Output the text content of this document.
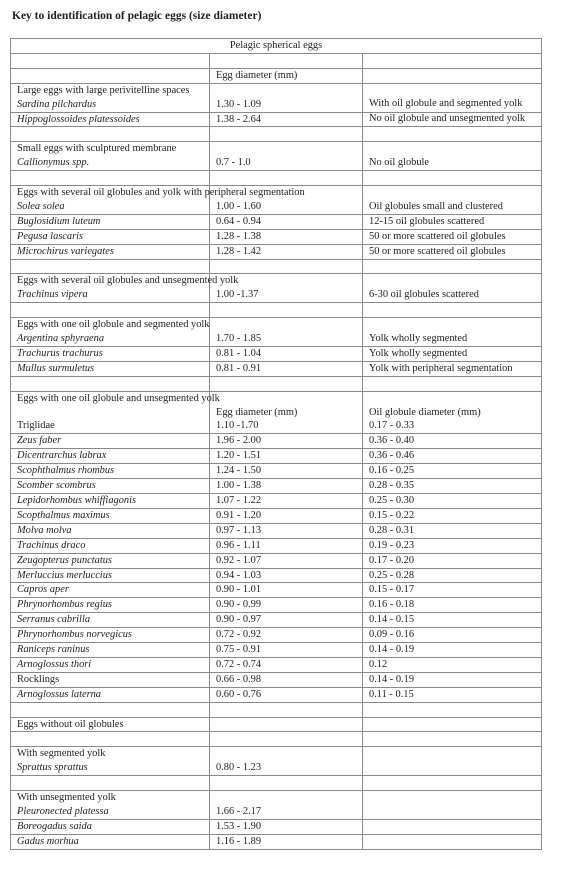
Key to identification of pelagic eggs (size diameter)
Pelagic spherical eggs		

	Egg diameter (mm)	
Large eggs with large perivitelline spaces		
Sardina pilchardus	1.30 - 1.09	With oil globule and segmented yolk
Hippoglossoides platessoides	1.38 - 2.64	No oil globule and unsegmented yolk

Small eggs with sculptured membrane		
Callionymus spp.	0.7 - 1.0	No oil globule

Eggs with several oil globules and yolk with peripheral segmentation		
Solea solea	1.00 - 1.60	Oil globules small and clustered
Buglosidium luteum	0.64 - 0.94	12-15 oil globules scattered
Pegusa lascaris	1.28 - 1.38	50 or more scattered oil globules
Microchirus variegates	1.28 - 1.42	50 or more scattered oil globules

Eggs with several oil globules and unsegmented yolk		
Trachinus vipera	1.00 -1.37	6-30 oil globules scattered

Eggs with one oil globule and segmented yolk		
Argentina sphyraena	1.70 - 1.85	Yolk wholly segmented
Trachurus trachurus	0.81 - 1.04	Yolk wholly segmented
Mullus surmuletus	0.81 - 0.91	Yolk with peripheral segmentation

Eggs with one oil globule and unsegmented yolk		
	Egg diameter (mm)	Oil globule diameter (mm)
Triglidae	1.10 -1.70	0.17 - 0.33
Zeus faber	1.96 - 2.00	0.36 - 0.40
Dicentrarchus labrax	1.20 - 1.51	0.36 - 0.46
Scophthalmus rhombus	1.24 - 1.50	0.16 - 0.25
Scomber scombrus	1.00 - 1.38	0.28 - 0.35
Lepidorhombus whiffiagonis	1.07 - 1.22	0.25 - 0.30
Scopthalmus maximus	0.91 - 1.20	0.15 - 0.22
Molva molva	0.97 - 1.13	0.28 - 0.31
Trachinus draco	0.96 - 1.11	0.19 - 0.23
Zeugopterus punctatus	0.92 - 1.07	0.17 - 0.20
Merluccius merluccius	0.94 - 1.03	0.25 - 0.28
Capros aper	0.90 - 1.01	0.15 - 0.17
Phrynorhombus regius	0.90 - 0.99	0.16 - 0.18
Serranus cabrilla	0.90 - 0.97	0.14 - 0.15
Phrynorhombus norvegicus	0.72 - 0.92	0.09 - 0.16
Raniceps raninus	0.75 - 0.91	0.14 - 0.19
Arnoglossus thori	0.72 - 0.74	0.12
Rocklings	0.66 - 0.98	0.14 - 0.19
Arnoglossus laterna	0.60 - 0.76	0.11 - 0.15

Eggs without oil globules		

With segmented yolk		
Sprattus sprattus	0.80 - 1.23	

With unsegmented yolk		
Pleuronected platessa	1.66 - 2.17	
Boreogadus saida	1.53 - 1.90	
Gadus morhua	1.16 - 1.89	
